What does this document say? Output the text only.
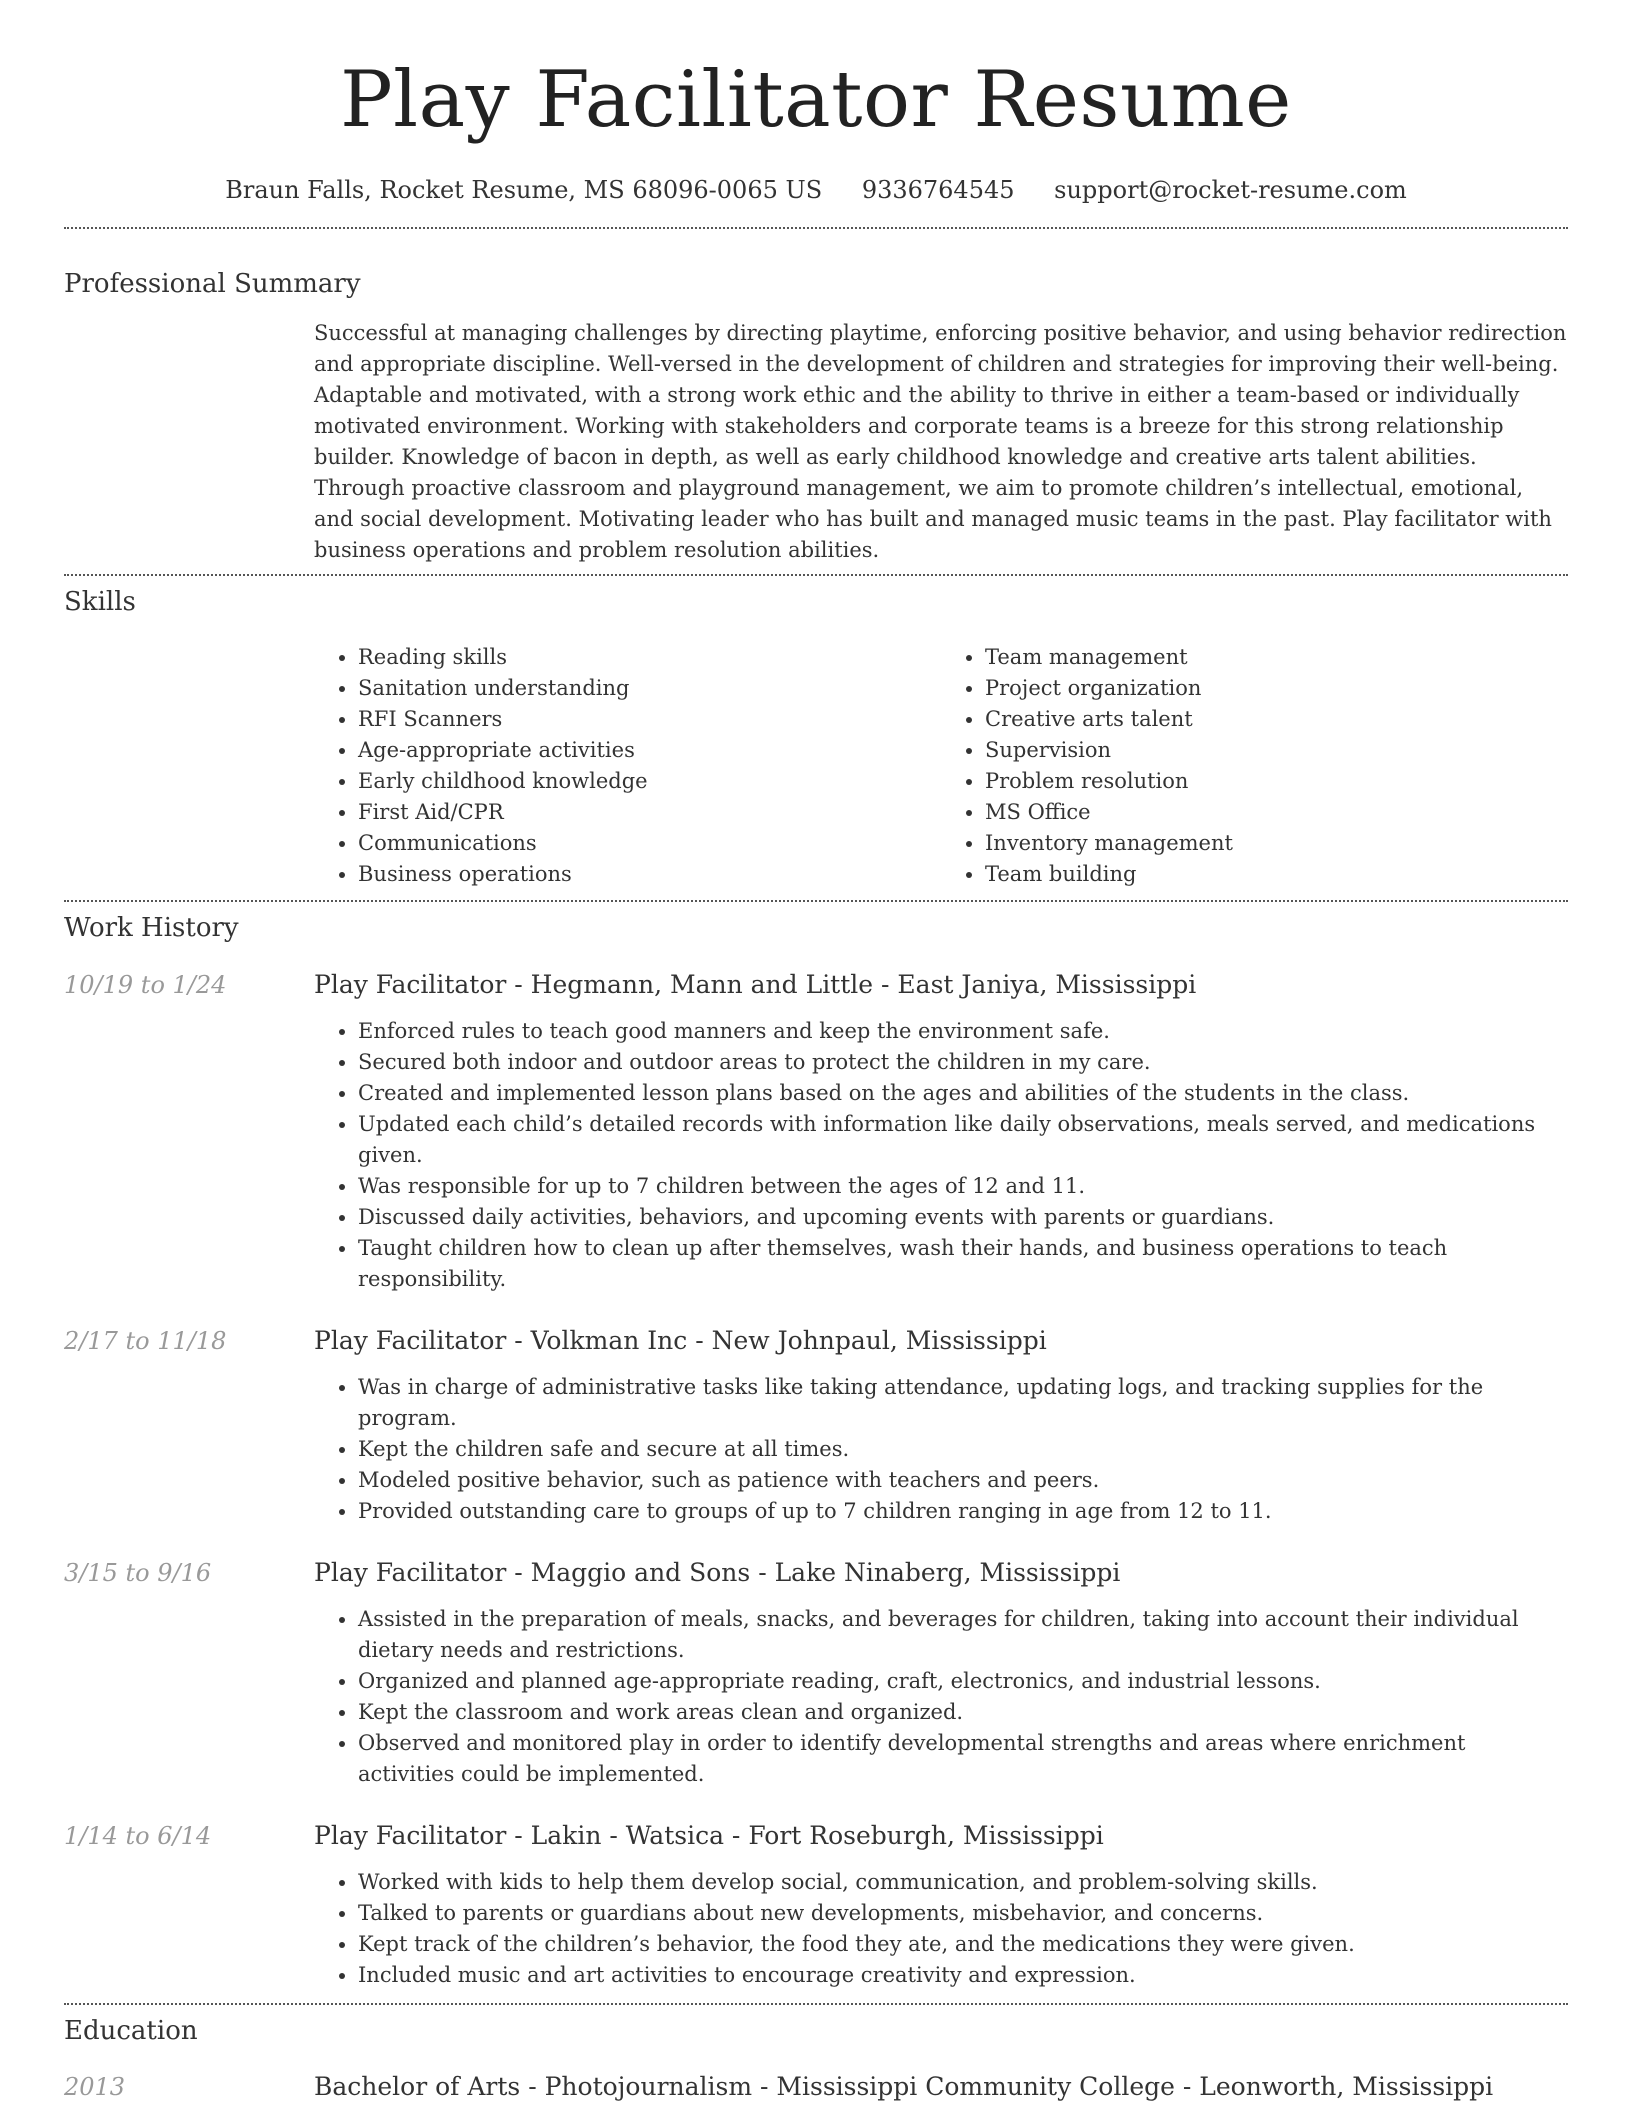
Play Facilitator Resume
Braun Falls, Rocket Resume, MS 68096-0065 US 9336764545 support@rocket-resume.com
Professional Summary

Successful at managing challenges by directing playtime, enforcing positive behavior, and using behavior redirection and appropriate discipline. Well-versed in the development of children and strategies for improving their well-being. Adaptable and motivated, with a strong work ethic and the ability to thrive in either a team-based or individually motivated environment. Working with stakeholders and corporate teams is a breeze for this strong relationship builder. Knowledge of bacon in depth, as well as early childhood knowledge and creative arts talent abilities. Through proactive classroom and playground management, we aim to promote children’s intellectual, emotional, and social development. Motivating leader who has built and managed music teams in the past. Play facilitator with business operations and problem resolution abilities.

Skills
• Reading skills
• Sanitation understanding
• RFI Scanners
• Age-appropriate activities
• Early childhood knowledge
• First Aid/CPR
• Communications
• Business operations
• Team management
• Project organization
• Creative arts talent
• Supervision
• Problem resolution
• MS Office
• Inventory management
• Team building
Work History
10/19 to 1/24	Play Facilitator - Hegmann, Mann and Little - East Janiya, Mississippi
• Enforced rules to teach good manners and keep the environment safe.
• Secured both indoor and outdoor areas to protect the children in my care.
• Created and implemented lesson plans based on the ages and abilities of the students in the class.
• Updated each child’s detailed records with information like daily observations, meals served, and medications given.
• Was responsible for up to 7 children between the ages of 12 and 11.
• Discussed daily activities, behaviors, and upcoming events with parents or guardians.
• Taught children how to clean up after themselves, wash their hands, and business operations to teach responsibility.
2/17 to 11/18	Play Facilitator - Volkman Inc - New Johnpaul, Mississippi
• Was in charge of administrative tasks like taking attendance, updating logs, and tracking supplies for the program.
• Kept the children safe and secure at all times.
• Modeled positive behavior, such as patience with teachers and peers.
• Provided outstanding care to groups of up to 7 children ranging in age from 12 to 11.
3/15 to 9/16	Play Facilitator - Maggio and Sons - Lake Ninaberg, Mississippi
• Assisted in the preparation of meals, snacks, and beverages for children, taking into account their individual dietary needs and restrictions.
• Organized and planned age-appropriate reading, craft, electronics, and industrial lessons.
• Kept the classroom and work areas clean and organized.
• Observed and monitored play in order to identify developmental strengths and areas where enrichment activities could be implemented.
1/14 to 6/14	Play Facilitator - Lakin - Watsica - Fort Roseburgh, Mississippi
• Worked with kids to help them develop social, communication, and problem-solving skills.
• Talked to parents or guardians about new developments, misbehavior, and concerns.
• Kept track of the children’s behavior, the food they ate, and the medications they were given.
• Included music and art activities to encourage creativity and expression.
Education
2013	Bachelor of Arts - Photojournalism - Mississippi Community College - Leonworth, Mississippi
